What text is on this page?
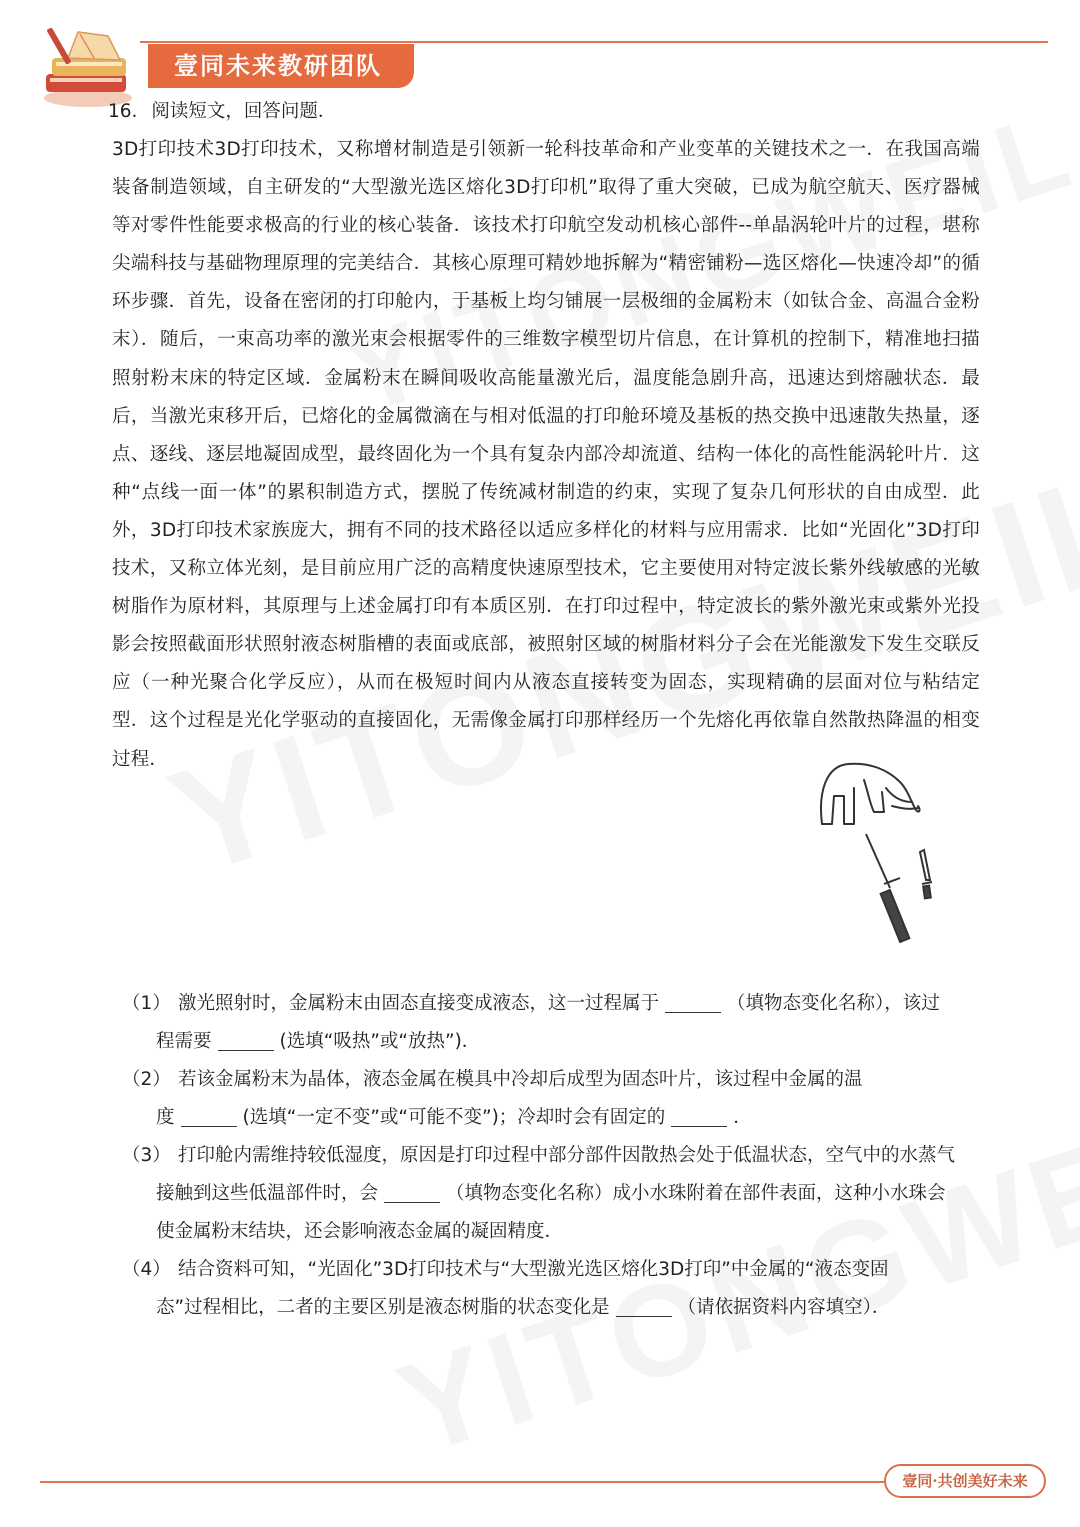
壹同未来教研团队
16. 阅读短文，回答问题．
3D打印技术3D打印技术，又称增材制造是引领新一轮科技革命和产业变革的关键技术之一．在我国高端装备制造领域，自主研发的“大型激光选区熔化3D打印机”取得了重大突破，已成为航空航天、医疗器械等对零件性能要求极高的行业的核心装备．该技术打印航空发动机核心部件--单晶涡轮叶片的过程，堪称尖端科技与基础物理原理的完美结合．其核心原理可精妙地拆解为“精密铺粉—选区熔化—快速冷却”的循环步骤．首先，设备在密闭的打印舱内，于基板上均匀铺展一层极细的金属粉末（如钛合金、高温合金粉末）．随后，一束高功率的激光束会根据零件的三维数字模型切片信息，在计算机的控制下，精准地扫描照射粉末床的特定区域．金属粉末在瞬间吸收高能量激光后，温度能急剧升高，迅速达到熔融状态．最后，当激光束移开后，已熔化的金属微滴在与相对低温的打印舱环境及基板的热交换中迅速散失热量，逐点、逐线、逐层地凝固成型，最终固化为一个具有复杂内部冷却流道、结构一体化的高性能涡轮叶片．这种“点线一面一体”的累积制造方式，摆脱了传统减材制造的约束，实现了复杂几何形状的自由成型．此外，3D打印技术家族庞大，拥有不同的技术路径以适应多样化的材料与应用需求．比如“光固化”3D打印技术，又称立体光刻，是目前应用广泛的高精度快速原型技术，它主要使用对特定波长紫外线敏感的光敏树脂作为原材料，其原理与上述金属打印有本质区别．在打印过程中，特定波长的紫外激光束或紫外光投影会按照截面形状照射液态树脂槽的表面或底部，被照射区域的树脂材料分子会在光能激发下发生交联反应（一种光聚合化学反应），从而在极短时间内从液态直接转变为固态，实现精确的层面对位与粘结定型．这个过程是光化学驱动的直接固化，无需像金属打印那样经历一个先熔化再依靠自然散热降温的相变过程．
（1） 激光照射时，金属粉末由固态直接变成液态，这一过程属于	（填物态变化名称），该过
程需要	(选填“吸热”或“放热”)．
（2） 若该金属粉末为晶体，液态金属在模具中冷却后成型为固态叶片，该过程中金属的温
度	(选填“一定不变”或“可能不变”)；冷却时会有固定的	．
（3） 打印舱内需维持较低湿度，原因是打印过程中部分部件因散热会处于低温状态，空气中的水蒸气
接触到这些低温部件时，会	（填物态变化名称）成小水珠附着在部件表面，这种小水珠会
使金属粉末结块，还会影响液态金属的凝固精度．
（4） 结合资料可知，“光固化”3D打印技术与“大型激光选区熔化3D打印”中金属的“液态变固
态”过程相比，二者的主要区别是液态树脂的状态变化是	（请依据资料内容填空）．
壹同·共创美好未来
